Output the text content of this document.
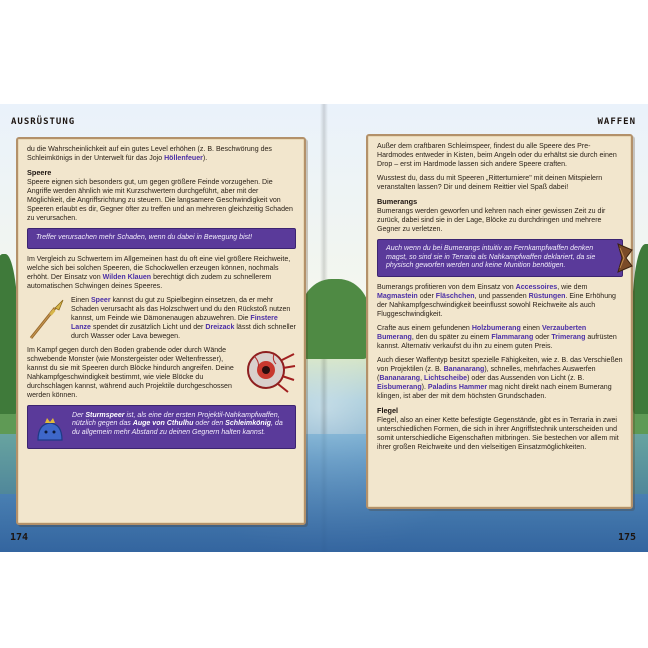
AUSRÜSTUNG

du die Wahrscheinlichkeit auf ein gutes Level erhöhen (z. B. Beschwörung des Schleimkönigs in der Unterwelt für das Jojo Höllenfeuer).

Speere

Speere eignen sich besonders gut, um gegen größere Feinde vorzugehen. Die Angriffe werden ähnlich wie mit Kurzschwertern durchgeführt, aber mit der Möglichkeit, die Angriffsrichtung zu steuern. Die langsamere Geschwindigkeit von Speeren erlaubt es dir, Gegner öfter zu treffen und an mehreren gleichzeitig Schaden zu verursachen.

Treffer verursachen mehr Schaden, wenn du dabei in Bewegung bist!

Im Vergleich zu Schwertern im Allgemeinen hast du oft eine viel größere Reichweite, welche sich bei solchen Speeren, die Schockwellen erzeugen können, nochmals erhöht. Der Einsatz von Wilden Klauen berechtigt dich zudem zu schnellerem automatischen Schwingen deines Speeres.

Einen Speer kannst du gut zu Spielbeginn einsetzen, da er mehr Schaden verursacht als das Holzschwert und du den Rückstoß nutzen kannst, um Feinde wie Dämonenaugen abzuwehren. Die Finstere Lanze spendet dir zusätzlich Licht und der Dreizack lässt dich schneller durch Wasser oder Lava bewegen.

Im Kampf gegen durch den Boden grabende oder durch Wände schwebende Monster (wie Monstergeister oder Weltenfresser), kannst du sie mit Speeren durch Blöcke hindurch angreifen. Deine Nahkampfgeschwindigkeit bestimmt, wie viele Blöcke du durchschlagen kannst, während auch Projektile durchgeschossen werden können.

Der Sturmspeer ist, als eine der ersten Projektil-Nahkampfwaffen, nützlich gegen das Auge von Cthulhu oder den Schleimkönig, da du allgemein mehr Abstand zu deinen Gegnern halten kannst.

174
WAFFEN

Außer dem craftbaren Schleimspeer, findest du alle Speere des Pre-Hardmodes entweder in Kisten, beim Angeln oder du erhältst sie durch einen Drop – erst im Hardmode lassen sich andere Speere craften.

Wusstest du, dass du mit Speeren „Ritterturniere" mit deinen Mitspielern veranstalten lassen? Dir und deinem Reittier viel Spaß dabei!

Bumerangs

Bumerangs werden geworfen und kehren nach einer gewissen Zeit zu dir zurück, dabei sind sie in der Lage, Blöcke zu durchdringen und mehrere Gegner zu verletzen.

Auch wenn du bei Bumerangs intuitiv an Fernkampfwaffen denken magst, so sind sie in Terraria als Nahkampfwaffen deklariert, da sie physisch geworfen werden und keine Munition benötigen.

Bumerangs profitieren von dem Einsatz von Accessoires, wie dem Magmastein oder Fläschchen, und passenden Rüstungen. Eine Erhöhung der Nahkampfgeschwindigkeit beeinflusst sowohl Reichweite als auch Fluggeschwindigkeit.

Crafte aus einem gefundenen Holzbumerang einen Verzauberten Bumerang, den du später zu einem Flammarang oder Trimerang aufrüsten kannst. Alternativ verkaufst du ihn zu einem guten Preis.

Auch dieser Waffentyp besitzt spezielle Fähigkeiten, wie z. B. das Verschießen von Projektilen (z. B. Bananarang), schnelles, mehrfaches Auswerfen (Bananarang, Lichtscheibe) oder das Aussenden von Licht (z. B. Eisbumerang). Paladins Hammer mag nicht direkt nach einem Bumerang klingen, ist aber der mit dem höchsten Grundschaden.

Flegel

Flegel, also an einer Kette befestigte Gegenstände, gibt es in Terraria in zwei unterschiedlichen Formen, die sich in ihrer Angriffstechnik unterscheiden und somit unterschiedliche Eigenschaften mitbringen. Sie bestechen vor allem mit ihrer großen Reichweite und den vielseitigen Einsatzmöglichkeiten.

175
